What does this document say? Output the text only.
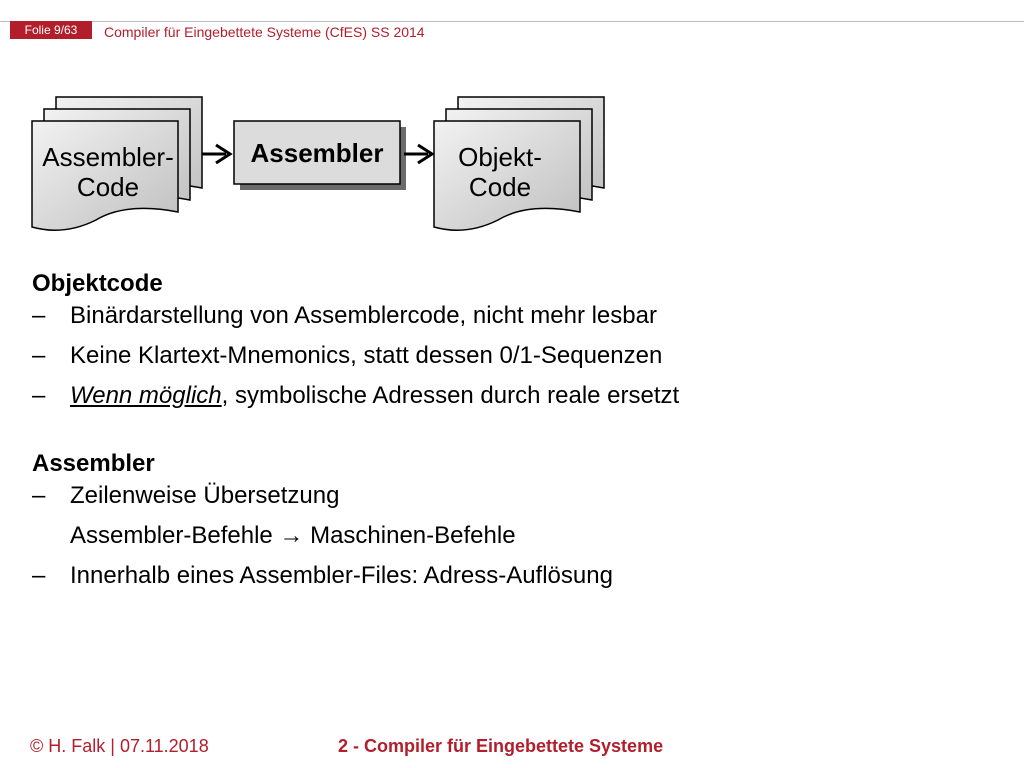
Folie 9/63	Compiler für Eingebettete Systeme (CfES) SS 2014
Assembler-
Code
Assembler	Objekt-
Code
Objektcode
–	Binärdarstellung von Assemblercode, nicht mehr lesbar
–	Keine Klartext-Mnemonics, statt dessen 0/1-Sequenzen
–	Wenn möglich, symbolische Adressen durch reale ersetzt
Assembler
–	Zeilenweise Übersetzung
Assembler-Befehle → Maschinen-Befehle
–	Innerhalb eines Assembler-Files: Adress-Auflösung
© H. Falk | 07.11.2018	2 - Compiler für Eingebettete Systeme
